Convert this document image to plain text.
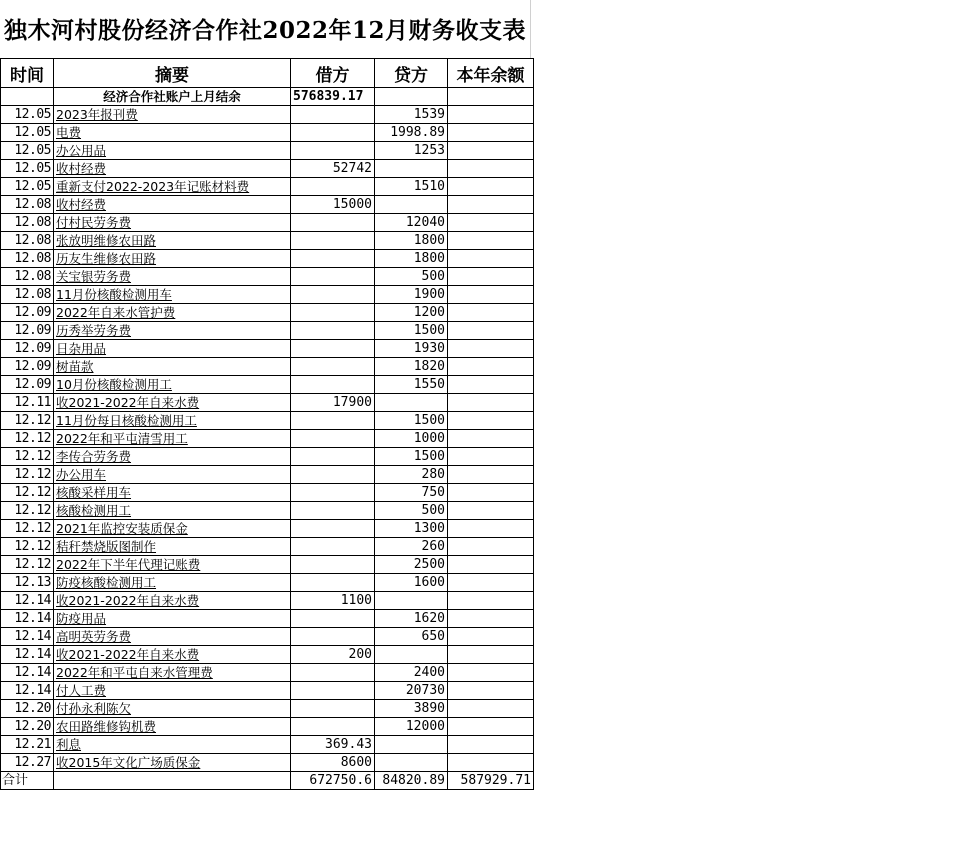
独木河村股份经济合作社2022年12月财务收支表
时间	摘要	借方	贷方	本年余额
	经济合作社账户上月结余	576839.17		
12.05	2023年报刊费		1539	
12.05	电费		1998.89	
12.05	办公用品		1253	
12.05	收村经费	52742		
12.05	重新支付2022-2023年记账材料费		1510	
12.08	收村经费	15000		
12.08	付村民劳务费		12040	
12.08	张放明维修农田路		1800	
12.08	历友生维修农田路		1800	
12.08	关宝银劳务费		500	
12.08	11月份核酸检测用车		1900	
12.09	2022年自来水管护费		1200	
12.09	历秀举劳务费		1500	
12.09	日杂用品		1930	
12.09	树苗款		1820	
12.09	10月份核酸检测用工		1550	
12.11	收2021-2022年自来水费	17900		
12.12	11月份每日核酸检测用工		1500	
12.12	2022年和平屯清雪用工		1000	
12.12	李传合劳务费		1500	
12.12	办公用车		280	
12.12	核酸采样用车		750	
12.12	核酸检测用工		500	
12.12	2021年监控安装质保金		1300	
12.12	秸秆禁烧版图制作		260	
12.12	2022年下半年代理记账费		2500	
12.13	防疫核酸检测用工		1600	
12.14	收2021-2022年自来水费	1100		
12.14	防疫用品		1620	
12.14	高明英劳务费		650	
12.14	收2021-2022年自来水费	200		
12.14	2022年和平屯自来水管理费		2400	
12.14	付人工费		20730	
12.20	付孙永利陈欠		3890	
12.20	农田路维修钩机费		12000	
12.21	利息	369.43		
12.27	收2015年文化广场质保金	8600		
合计		672750.6	84820.89	587929.71
